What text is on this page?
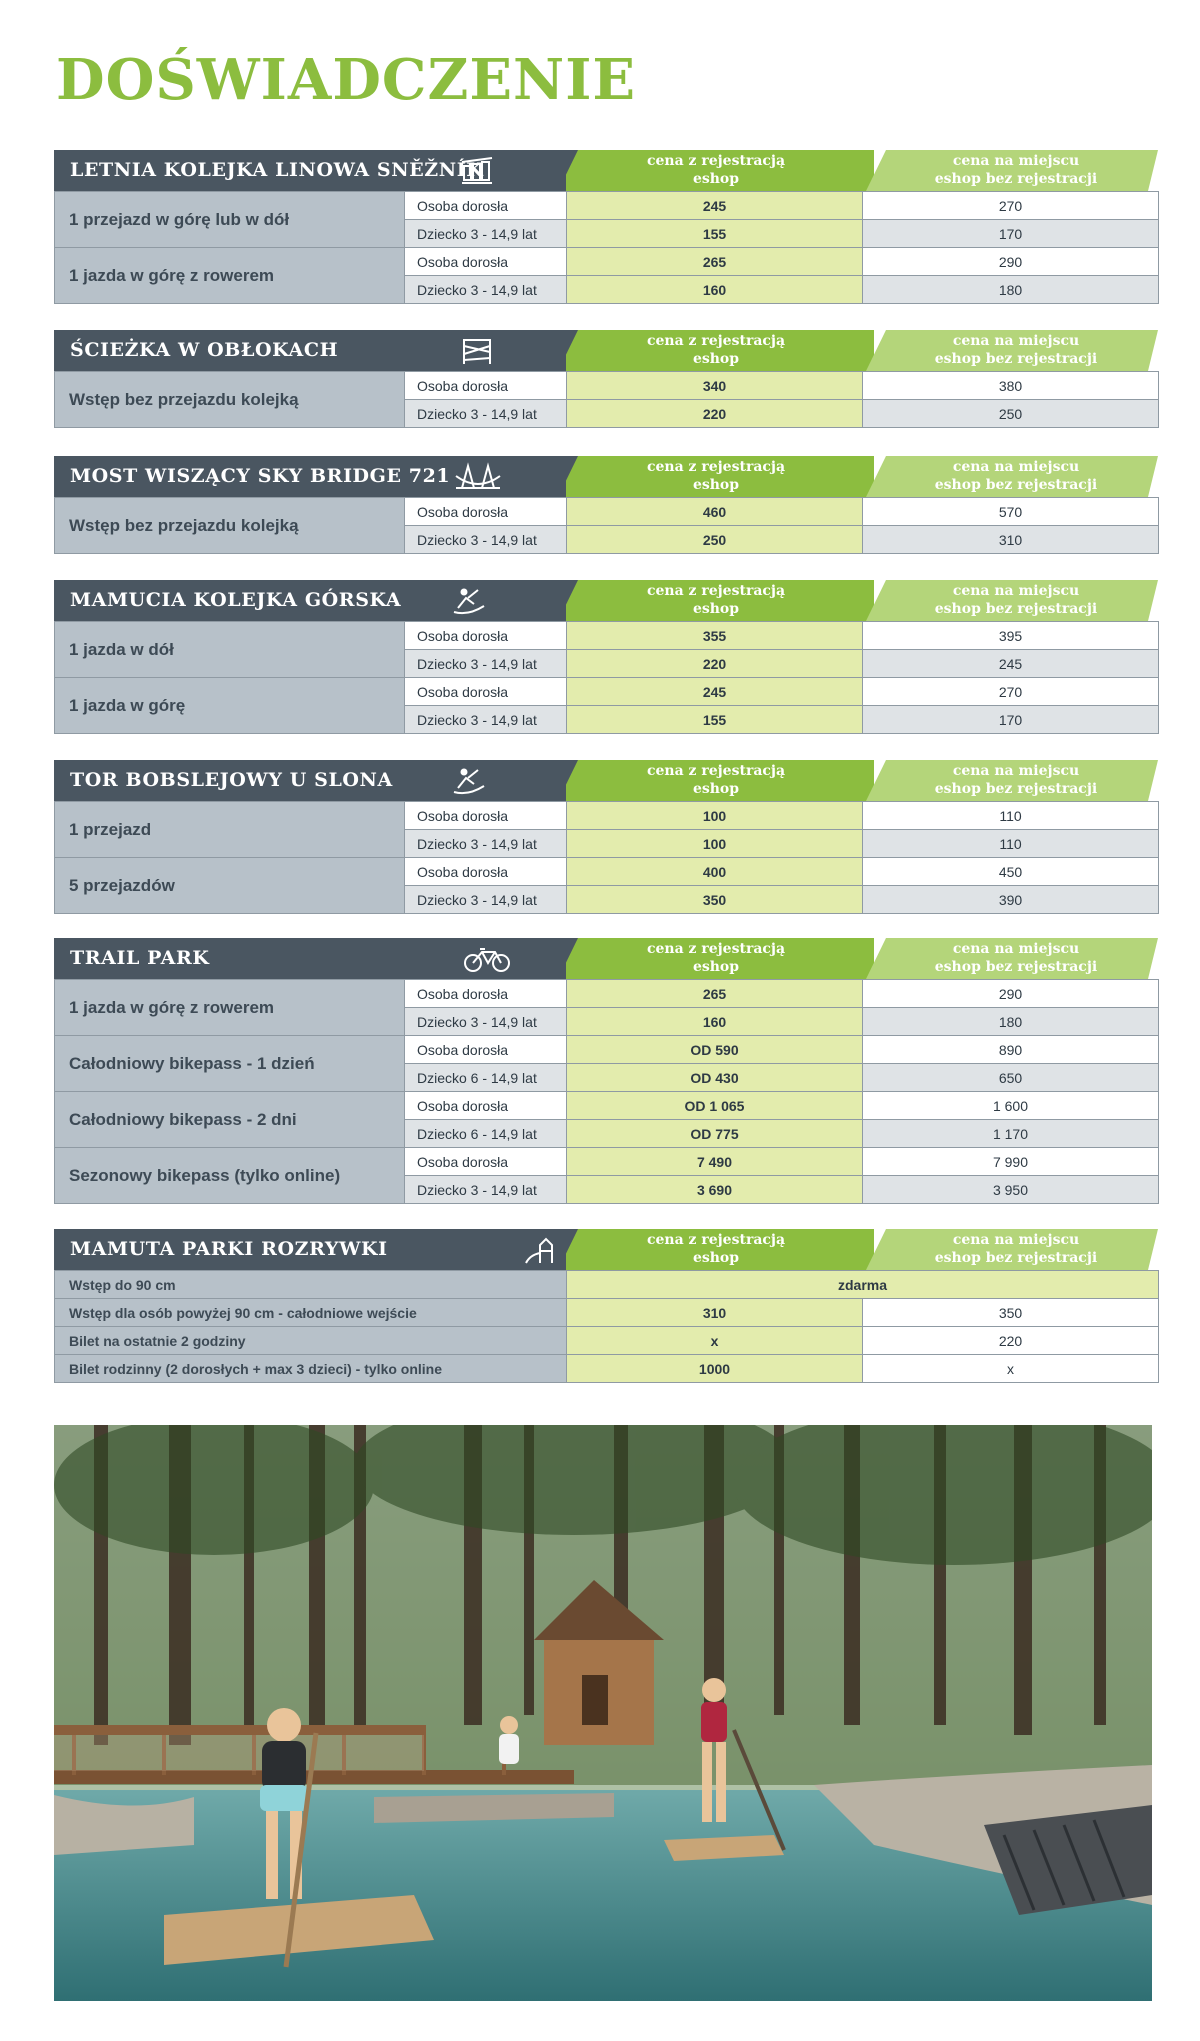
DOŚWIADCZENIE
LETNIA KOLEJKA LINOWA SNĚŽNÍK	cena z rejestracją
eshop
cena na miejscu
eshop bez rejestracji
1 przejazd w górę lub w dół	Osoba dorosła	245	270
	Dziecko 3 - 14,9 lat	155	170
1 jazda w górę z rowerem	Osoba dorosła	265	290
	Dziecko 3 - 14,9 lat	160	180
ŚCIEŻKA W OBŁOKACH	cena z rejestracją
eshop
cena na miejscu
eshop bez rejestracji
Wstęp bez przejazdu kolejką	Osoba dorosła	340	380
	Dziecko 3 - 14,9 lat	220	250
MOST WISZĄCY SKY BRIDGE 721	cena z rejestracją
eshop
cena na miejscu
eshop bez rejestracji
Wstęp bez przejazdu kolejką	Osoba dorosła	460	570
	Dziecko 3 - 14,9 lat	250	310
MAMUCIA KOLEJKA GÓRSKA	cena z rejestracją
eshop
cena na miejscu
eshop bez rejestracji
1 jazda w dół	Osoba dorosła	355	395
	Dziecko 3 - 14,9 lat	220	245
1 jazda w górę	Osoba dorosła	245	270
	Dziecko 3 - 14,9 lat	155	170
TOR BOBSLEJOWY U SLONA	cena z rejestracją
eshop
cena na miejscu
eshop bez rejestracji
1 przejazd	Osoba dorosła	100	110
	Dziecko 3 - 14,9 lat	100	110
5 przejazdów	Osoba dorosła	400	450
	Dziecko 3 - 14,9 lat	350	390
TRAIL PARK	cena z rejestracją
eshop
cena na miejscu
eshop bez rejestracji
1 jazda w górę z rowerem	Osoba dorosła	265	290
	Dziecko 3 - 14,9 lat	160	180
Całodniowy bikepass - 1 dzień	Osoba dorosła	OD 590	890
	Dziecko 6 - 14,9 lat	OD 430	650
Całodniowy bikepass - 2 dni	Osoba dorosła	OD 1 065	1 600
	Dziecko 6 - 14,9 lat	OD 775	1 170
Sezonowy bikepass (tylko online)	Osoba dorosła	7 490	7 990
	Dziecko 3 - 14,9 lat	3 690	3 950
MAMUTA PARKI ROZRYWKI	cena z rejestracją
eshop
cena na miejscu
eshop bez rejestracji
Wstęp do 90 cm	zdarma	
Wstęp dla osób powyżej 90 cm - całodniowe wejście	310	350
Bilet na ostatnie 2 godziny	x	220
Bilet rodzinny (2 dorosłych + max 3 dzieci) - tylko online	1000	x
